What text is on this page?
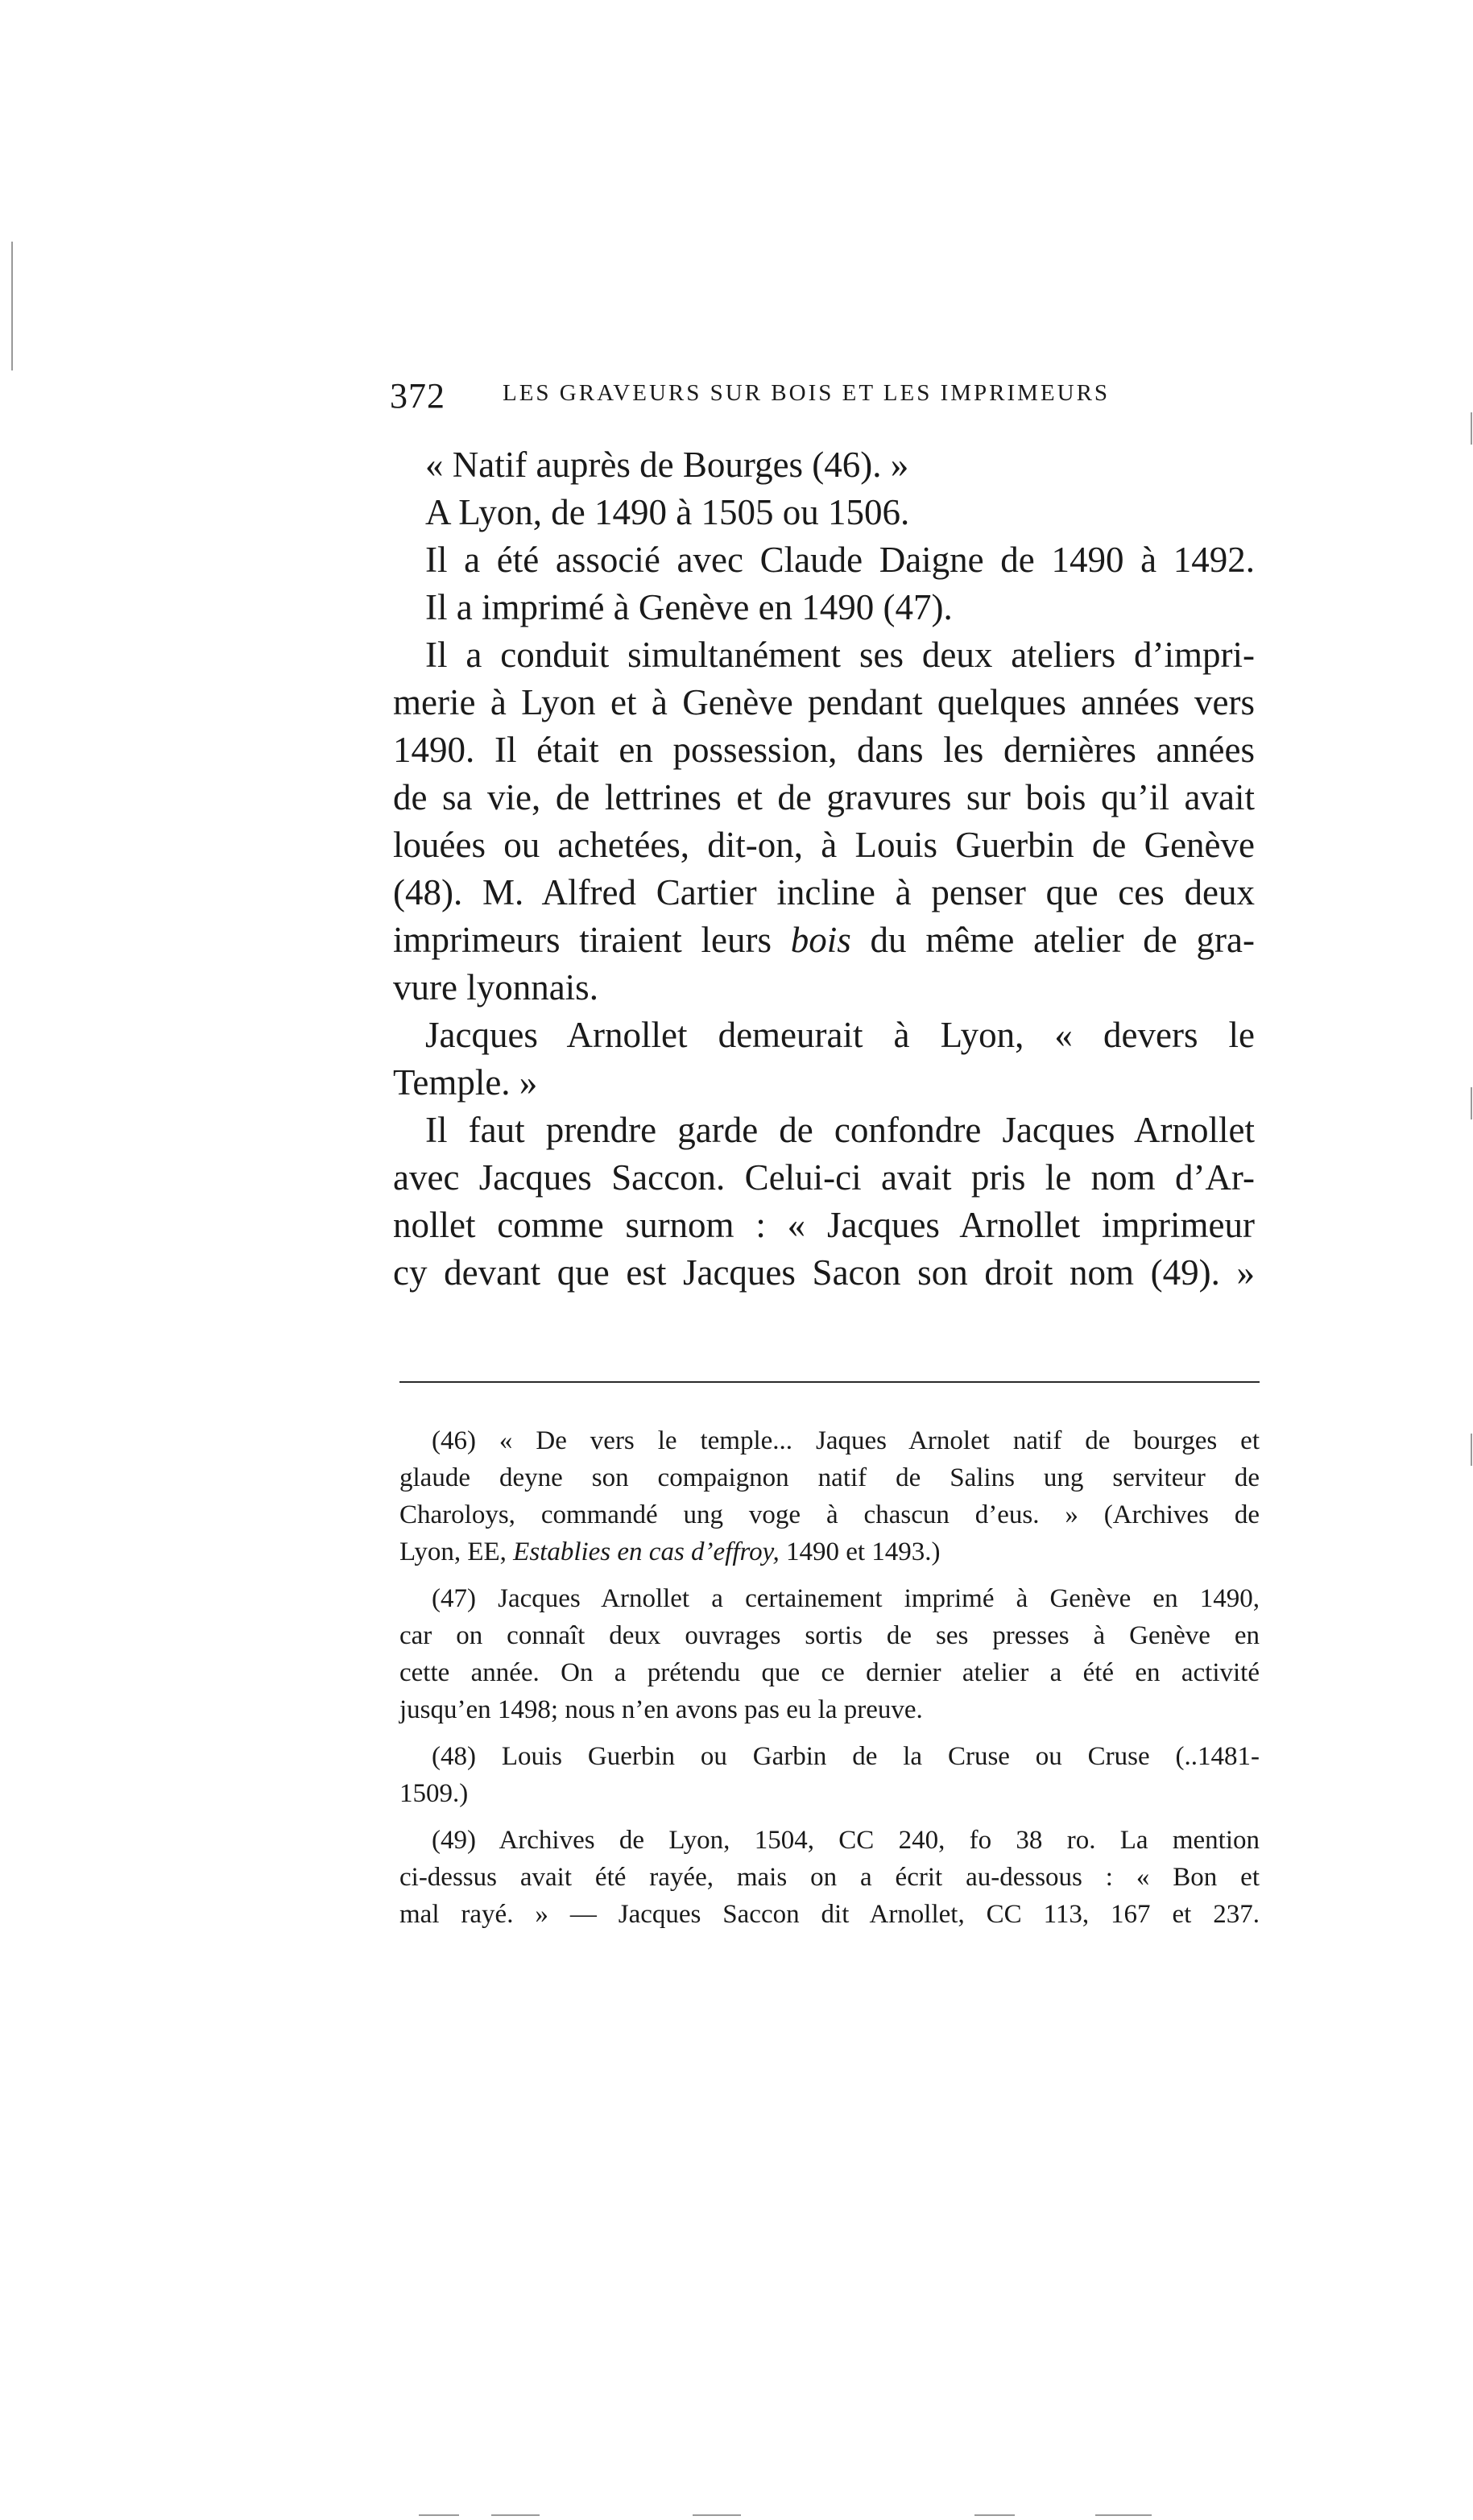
372 LES GRAVEURS SUR BOIS ET LES IMPRIMEURS
« Natif auprès de Bourges (46). »
A Lyon, de 1490 à 1505 ou 1506.
Il a été associé avec Claude Daigne de 1490 à 1492.
Il a imprimé à Genève en 1490 (47).
Il a conduit simultanément ses deux ateliers d’impri-
merie à Lyon et à Genève pendant quelques années vers
1490. Il était en possession, dans les dernières années
de sa vie, de lettrines et de gravures sur bois qu’il avait
louées ou achetées, dit-on, à Louis Guerbin de Genève
(48). M. Alfred Cartier incline à penser que ces deux
imprimeurs tiraient leurs bois du même atelier de gra-
vure lyonnais.
Jacques Arnollet demeurait à Lyon, « devers le
Temple. »
Il faut prendre garde de confondre Jacques Arnollet
avec Jacques Saccon. Celui-ci avait pris le nom d’Ar-
nollet comme surnom : « Jacques Arnollet imprimeur
cy devant que est Jacques Sacon son droit nom (49). »
(46) « De vers le temple... Jaques Arnolet natif de bourges et
glaude deyne son compaignon natif de Salins ung serviteur de
Charoloys, commandé ung voge à chascun d’eus. » (Archives de
Lyon, EE, Establies en cas d’effroy, 1490 et 1493.)
(47) Jacques Arnollet a certainement imprimé à Genève en 1490,
car on connaît deux ouvrages sortis de ses presses à Genève en
cette année. On a prétendu que ce dernier atelier a été en activité
jusqu’en 1498; nous n’en avons pas eu la preuve.
(48) Louis Guerbin ou Garbin de la Cruse ou Cruse (..1481-
1509.)
(49) Archives de Lyon, 1504, CC 240, fo 38 ro. La mention
ci-dessus avait été rayée, mais on a écrit au-dessous : « Bon et
mal rayé. » — Jacques Saccon dit Arnollet, CC 113, 167 et 237.
